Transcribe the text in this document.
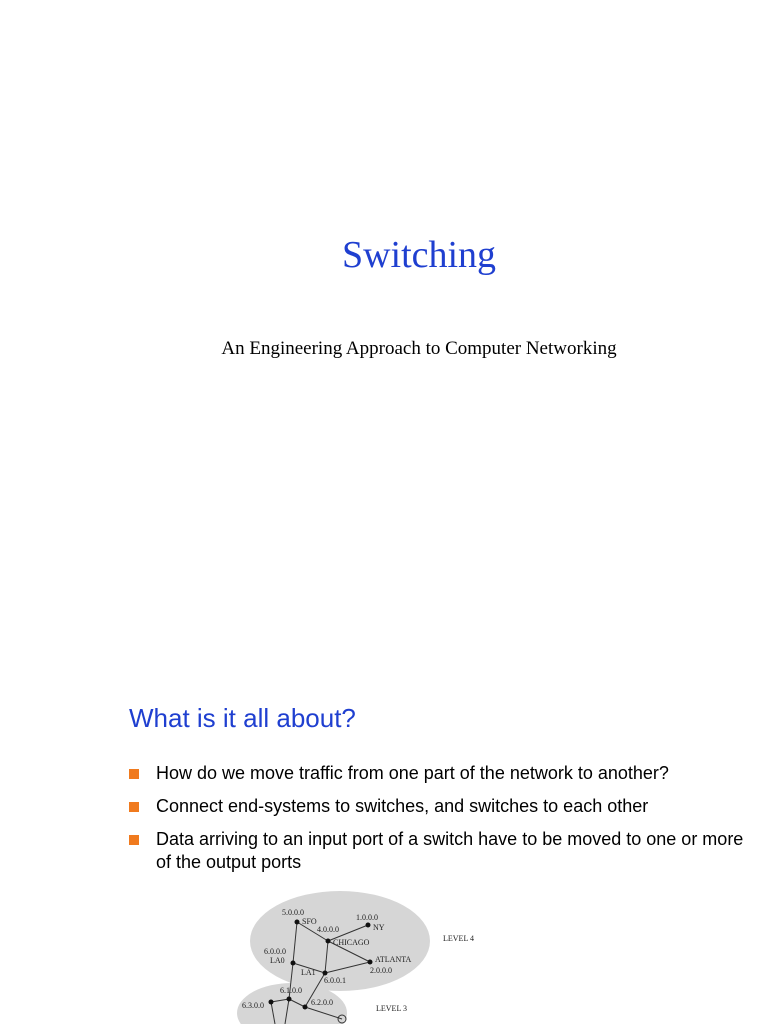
Switching
An Engineering Approach to Computer Networking
What is it all about?
How do we move traffic from one part of the network to another?
Connect end-systems to switches, and switches to each other
Data arriving to an input port of a switch have to be moved to one or more of the output ports
5.0.0.0
SFO	1.0.0.0
NY
4.0.0.0
CHICAGO
6.0.0.0
LA0	ATLANTA
2.0.0.0
LA1
6.0.0.1
6.1.0.0
6.3.0.0	6.2.0.0
LEVEL 4
LEVEL 3
